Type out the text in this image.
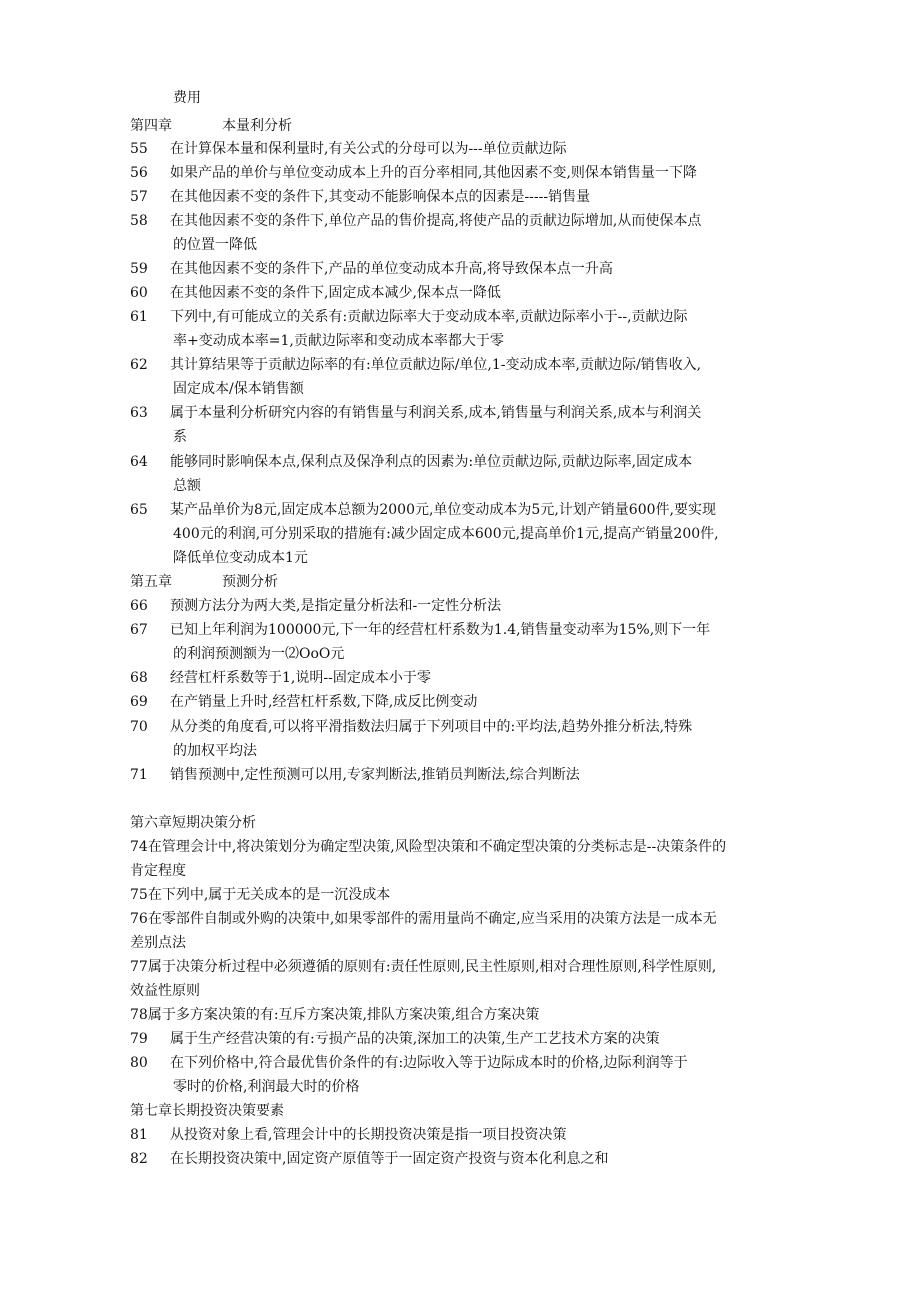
费用
第四章	本量利分析
55 在计算保本量和保利量时,有关公式的分母可以为---单位贡献边际
56 如果产品的单价与单位变动成本上升的百分率相同,其他因素不变,则保本销售量一下降
57 在其他因素不变的条件下,其变动不能影响保本点的因素是-----销售量
58 在其他因素不变的条件下,单位产品的售价提高,将使产品的贡献边际增加,从而使保本点
的位置一降低
59 在其他因素不变的条件下,产品的单位变动成本升高,将导致保本点一升高
60 在其他因素不变的条件下,固定成本减少,保本点一降低
61 下列中,有可能成立的关系有:贡献边际率大于变动成本率,贡献边际率小于--,贡献边际
率+变动成本率=1,贡献边际率和变动成本率都大于零
62 其计算结果等于贡献边际率的有:单位贡献边际/单位,1-变动成本率,贡献边际/销售收入,
固定成本/保本销售额
63 属于本量利分析研究内容的有销售量与利润关系,成本,销售量与利润关系,成本与利润关
系
64 能够同时影响保本点,保利点及保净利点的因素为:单位贡献边际,贡献边际率,固定成本
总额
65 某产品单价为8元,固定成本总额为2000元,单位变动成本为5元,计划产销量600件,要实现
400元的利润,可分别采取的措施有:减少固定成本600元,提高单价1元,提高产销量200件,
降低单位变动成本1元
第五章	预测分析
66 预测方法分为两大类,是指定量分析法和-一定性分析法
67 已知上年利润为100000元,下一年的经营杠杆系数为1.4,销售量变动率为15%,则下一年
的利润预测额为一⑵OoO元
68 经营杠杆系数等于1,说明--固定成本小于零
69 在产销量上升时,经营杠杆系数,下降,成反比例变动
70 从分类的角度看,可以将平滑指数法归属于下列项目中的:平均法,趋势外推分析法,特殊
的加权平均法
71 销售预测中,定性预测可以用,专家判断法,推销员判断法,综合判断法
第六章短期决策分析
74在管理会计中,将决策划分为确定型决策,风险型决策和不确定型决策的分类标志是--决策条件的
肯定程度
75在下列中,属于无关成本的是一沉没成本
76在零部件自制或外购的决策中,如果零部件的需用量尚不确定,应当采用的决策方法是一成本无
差别点法
77属于决策分析过程中必须遵循的原则有:责任性原则,民主性原则,相对合理性原则,科学性原则,
效益性原则
78属于多方案决策的有:互斥方案决策,排队方案决策,组合方案决策
79 属于生产经营决策的有:亏损产品的决策,深加工的决策,生产工艺技术方案的决策
80 在下列价格中,符合最优售价条件的有:边际收入等于边际成本时的价格,边际利润等于
零时的价格,利润最大时的价格
第七章长期投资决策要素
81 从投资对象上看,管理会计中的长期投资决策是指一项目投资决策
82 在长期投资决策中,固定资产原值等于一固定资产投资与资本化利息之和
